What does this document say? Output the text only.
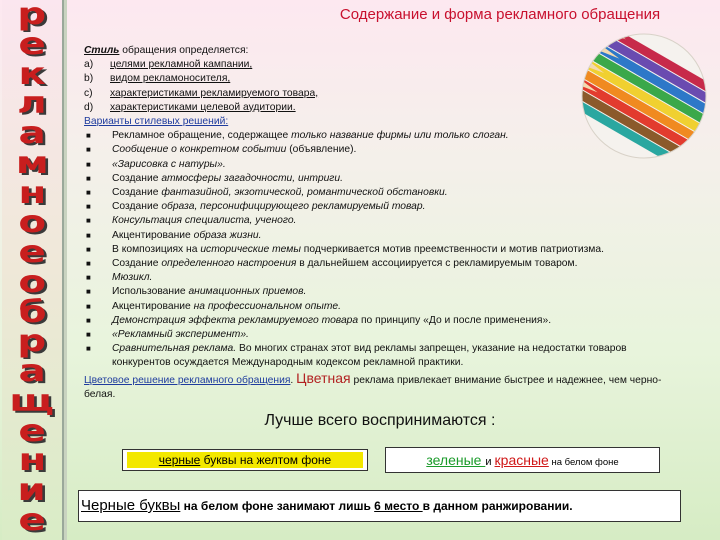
р
е
к
л
а
м
н
о
е
о
б
р
а
щ
е
н
и
е
Содержание и форма рекламного обращения

Стиль обращения определяется:

a)	целями рекламной кампании,
b)	видом рекламоносителя,
c)	характеристиками рекламируемого товара,
d)	характеристиками целевой аудитории.

Варианты стилевых решений:

■	Рекламное обращение, содержащее только название фирмы или только слоган.
■	Сообщение о конкретном событии (объявление).
■	«Зарисовка с натуры».
■	Создание атмосферы загадочности, интриги.
■	Создание фантазийной, экзотической, романтической обстановки.
■	Создание образа, персонифицирующего рекламируемый товар.
■	Консультация специалиста, ученого.
■	Акцентирование образа жизни.
■	В композициях на исторические темы подчеркивается мотив преемственности и мотив патриотизма.
■	Создание определенного настроения в дальнейшем ассоциируется с рекламируемым товаром.
■	Мюзикл.
■	Использование анимационных приемов.
■	Акцентирование на профессиональном опыте.
■	Демонстрация эффекта рекламируемого товара по принципу «До и после применения».
■	«Рекламный эксперимент».
■	Сравнительная реклама. Во многих странах этот вид рекламы запрещен, указание на недостатки товаров конкурентов осуждается Международным кодексом рекламной практики.

Цветовое решение рекламного обращения. Цветная реклама привлекает внимание быстрее и надежнее, чем черно-белая.

Лучше всего воспринимаются :
черные буквы на желтом фоне	зеленые и красные на белом фоне
Черные буквы на белом фоне занимают лишь 6 место в данном ранжировании.
